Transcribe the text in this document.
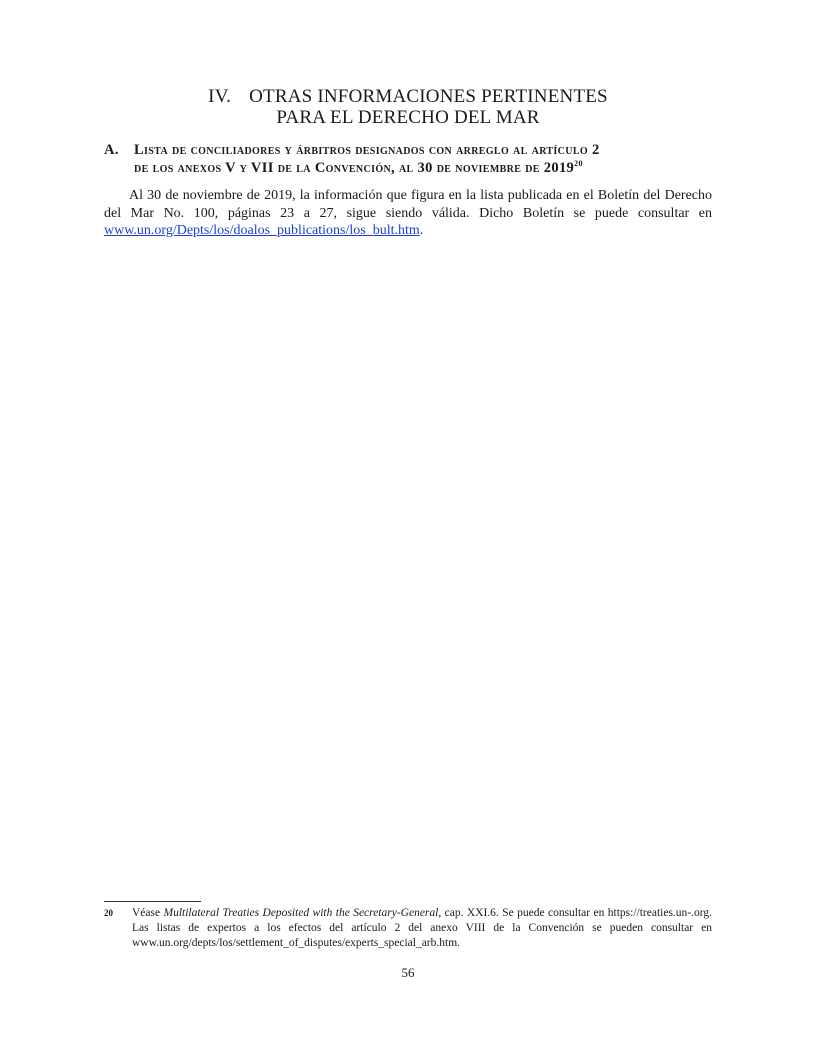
IV. OTRAS INFORMACIONES PERTINENTES
PARA EL DERECHO DEL MAR
A.	Lista de conciliadores y árbitros designados con arreglo al artículo 2
de los anexos V y VII de la Convención, al 30 de noviembre de 2019$^{20}$

Al 30 de noviembre de 2019, la información que figura en la lista publicada en el Boletín del Derecho del Mar No. 100, páginas 23 a 27, sigue siendo válida. Dicho Boletín se puede consultar en www.un.org/Depts/los/doalos_publications/los_bult.htm.

20 Véase Multilateral Treaties Deposited with the Secretary-General, cap. XXI.6. Se puede consultar en https://treaties.un-.org. Las listas de expertos a los efectos del artículo 2 del anexo VIII de la Convención se pueden consultar en www.un.org/depts/los/settlement_of_disputes/experts_special_arb.htm.

56
